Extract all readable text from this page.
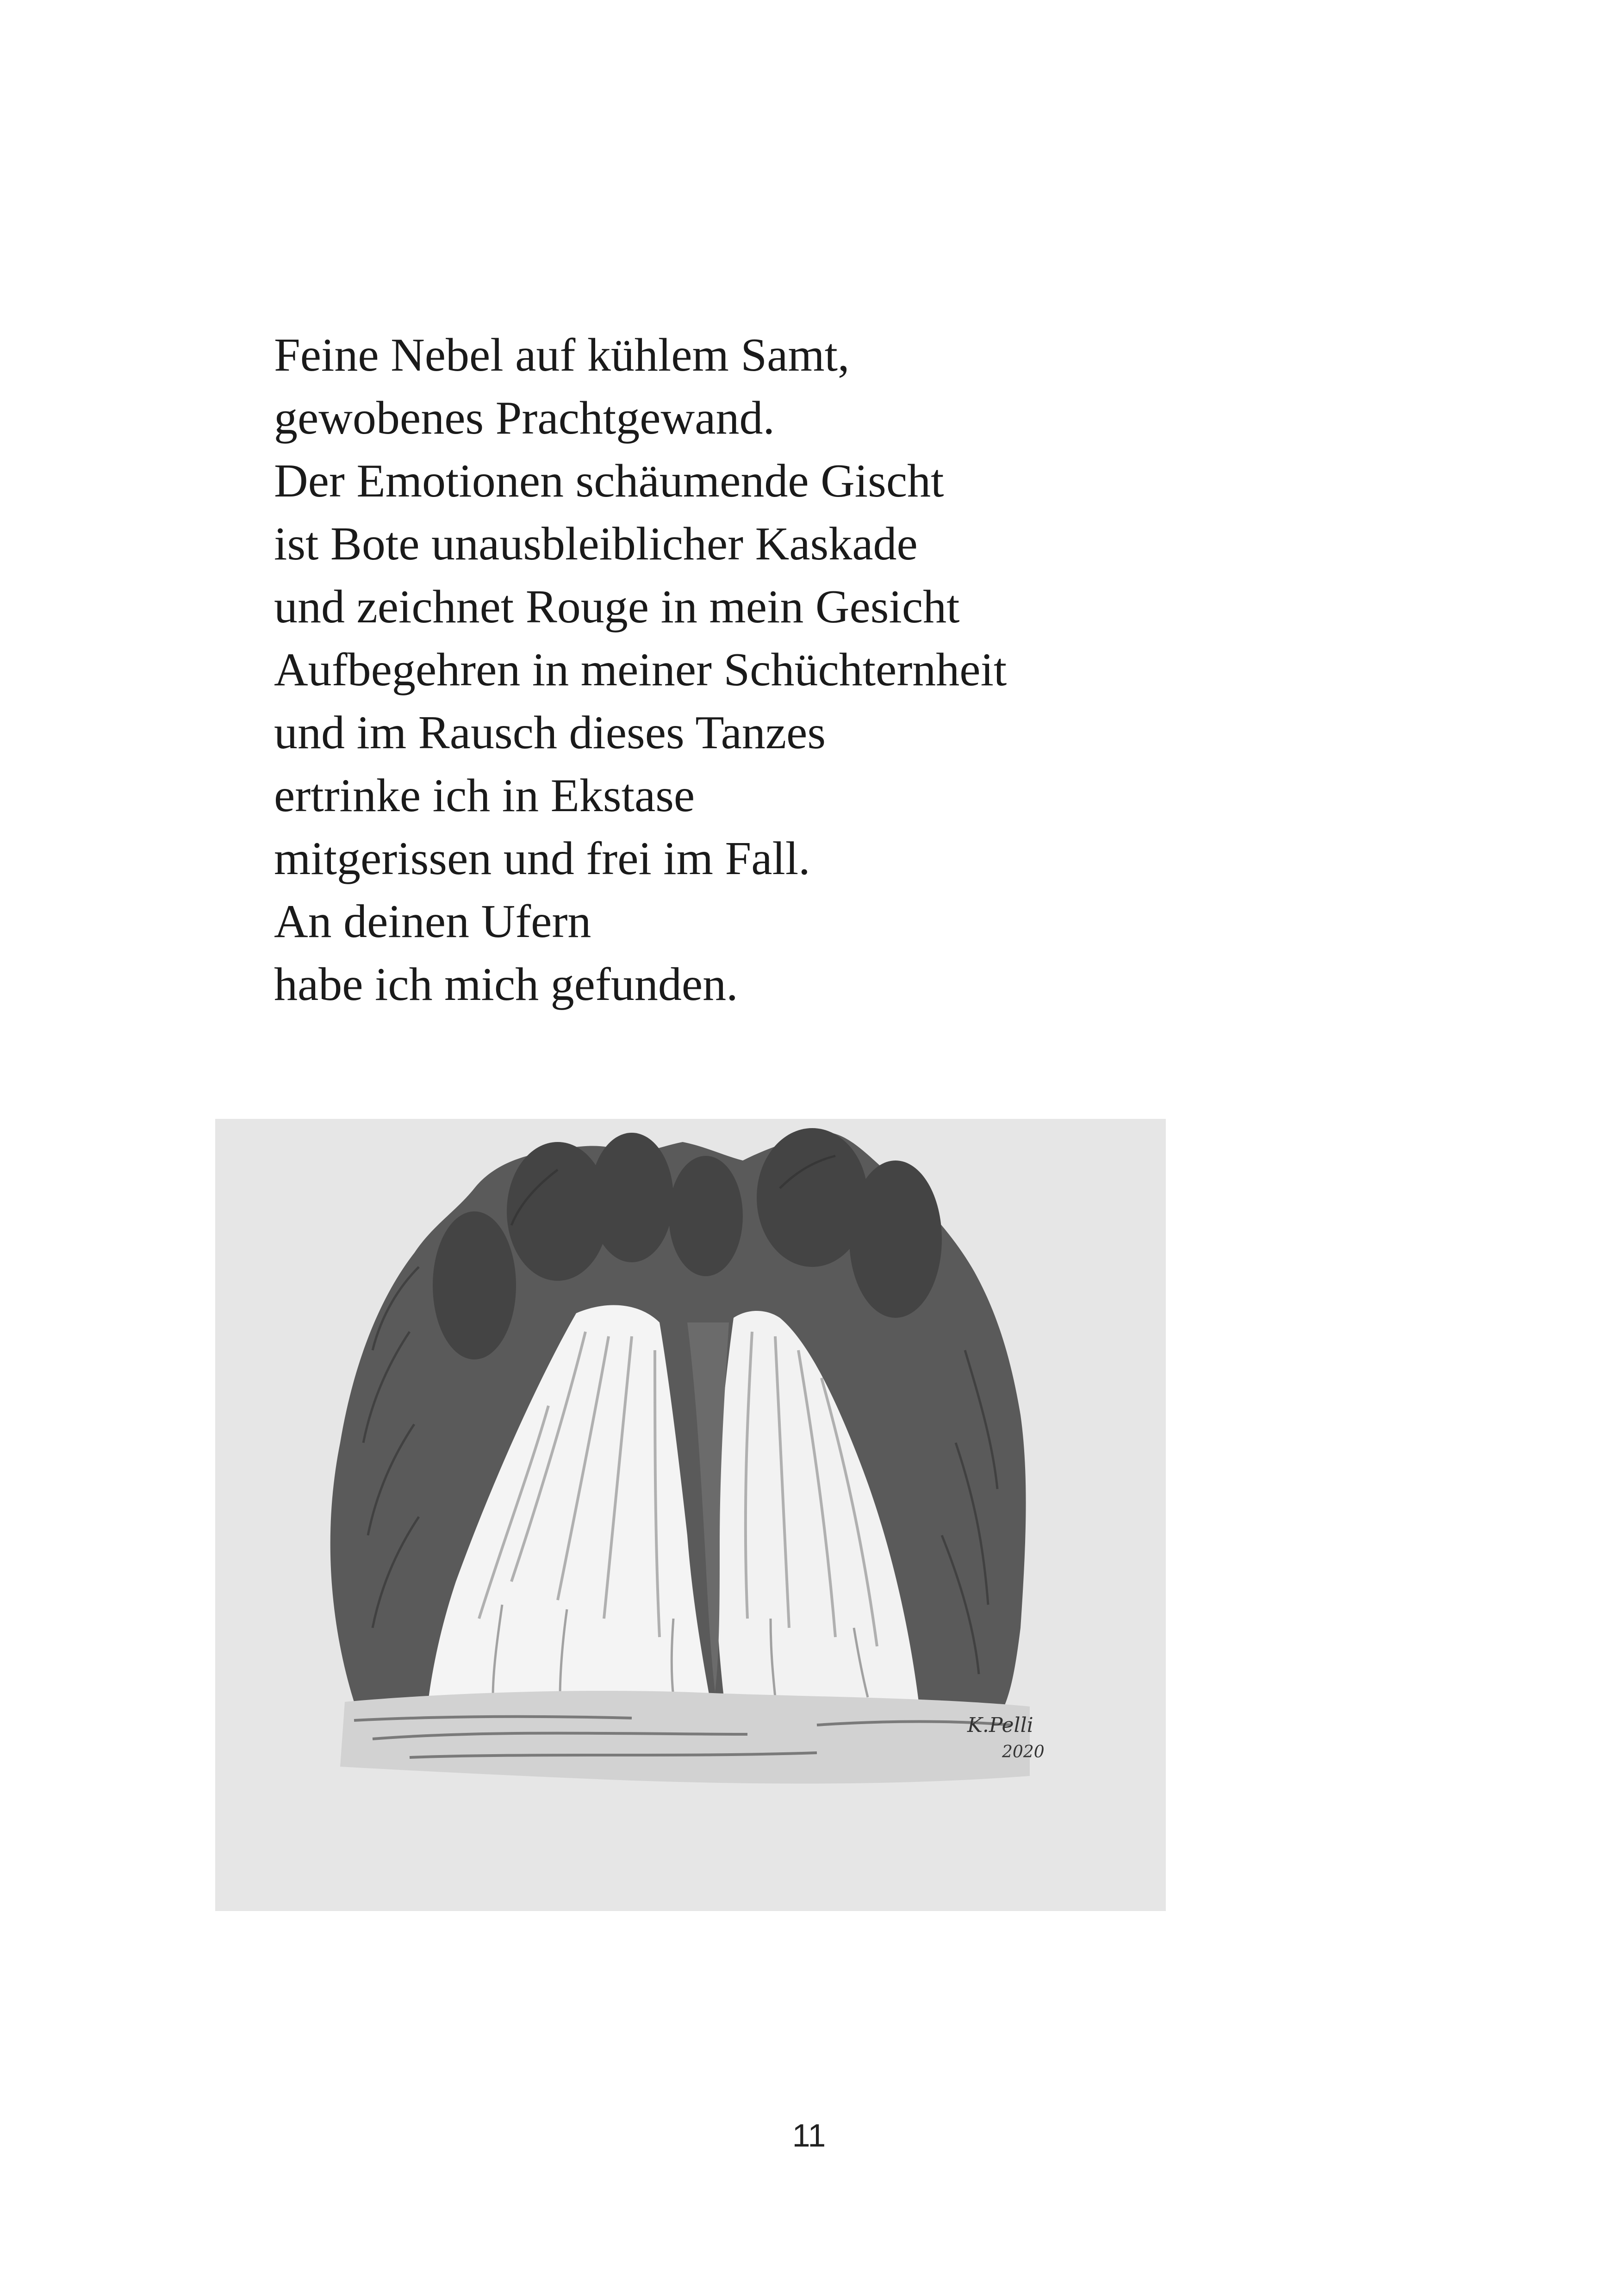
Feine Nebel auf kühlem Samt,
gewobenes Prachtgewand.
Der Emotionen schäumende Gischt
ist Bote unausbleiblicher Kaskade
und zeichnet Rouge in mein Gesicht
Aufbegehren in meiner Schüchternheit
und im Rausch dieses Tanzes
ertrinke ich in Ekstase
mitgerissen und frei im Fall.
An deinen Ufern
habe ich mich gefunden.
K.Pelli
2020
11
